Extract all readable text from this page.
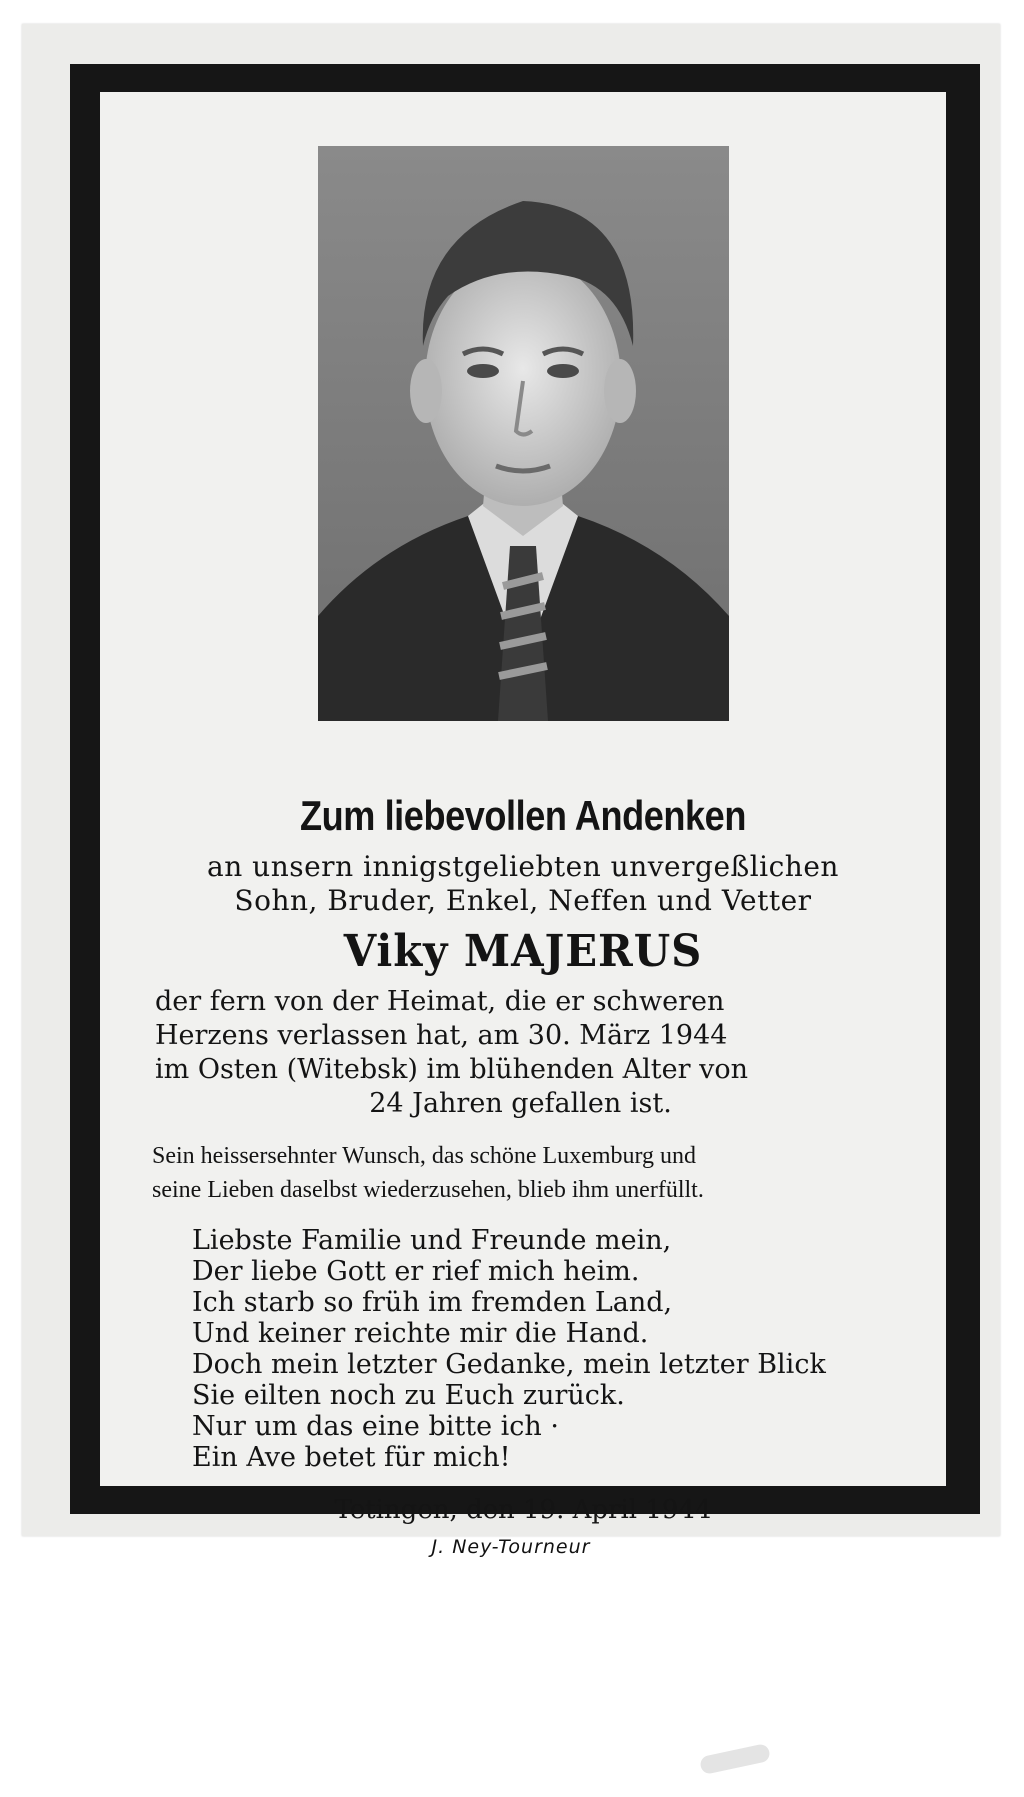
Zum liebevollen Andenken
an unsern innigstgeliebten unvergeßlichen
Sohn, Bruder, Enkel, Neffen und Vetter
Viky MAJERUS
der fern von der Heimat, die er schweren
Herzens verlassen hat, am 30. März 1944
im Osten (Witebsk) im blühenden Alter von
24 Jahren gefallen ist.
Sein heissersehnter Wunsch, das schöne Luxemburg und
seine Lieben daselbst wiederzusehen, blieb ihm unerfüllt.
Liebste Familie und Freunde mein,
Der liebe Gott er rief mich heim.
Ich starb so früh im fremden Land,
Und keiner reichte mir die Hand.
Doch mein letzter Gedanke, mein letzter Blick
Sie eilten noch zu Euch zurück.
Nur um das eine bitte ich ·
Ein Ave betet für mich!
Tetingen, den 19. April 1944
J. Ney-Tourneur
